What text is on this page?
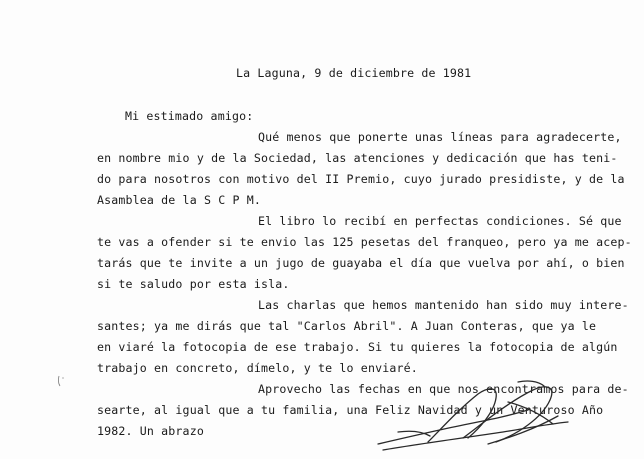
La Laguna, 9 de diciembre de 1981
Mi estimado amigo:
Qué menos que ponerte unas líneas para agradecerte,
en nombre mio y de la Sociedad, las atenciones y dedicación que has teni-
do para nosotros con motivo del II Premio, cuyo jurado presidiste, y de la
Asamblea de la S C P M.
El libro lo recibí en perfectas condiciones. Sé que
te vas a ofender si te envio las 125 pesetas del franqueo, pero ya me acep-
tarás que te invite a un jugo de guayaba el día que vuelva por ahí, o bien
si te saludo por esta isla.
Las charlas que hemos mantenido han sido muy intere-
santes; ya me dirás que tal "Carlos Abril". A Juan Conteras, que ya le
en viaré la fotocopia de ese trabajo. Si tu quieres la fotocopia de algún
trabajo en concreto, dímelo, y te lo enviaré.
Aprovecho las fechas en que nos encontramos para de-
searte, al igual que a tu familia, una Feliz Navidad y un Venturoso Año
1982. Un abrazo
